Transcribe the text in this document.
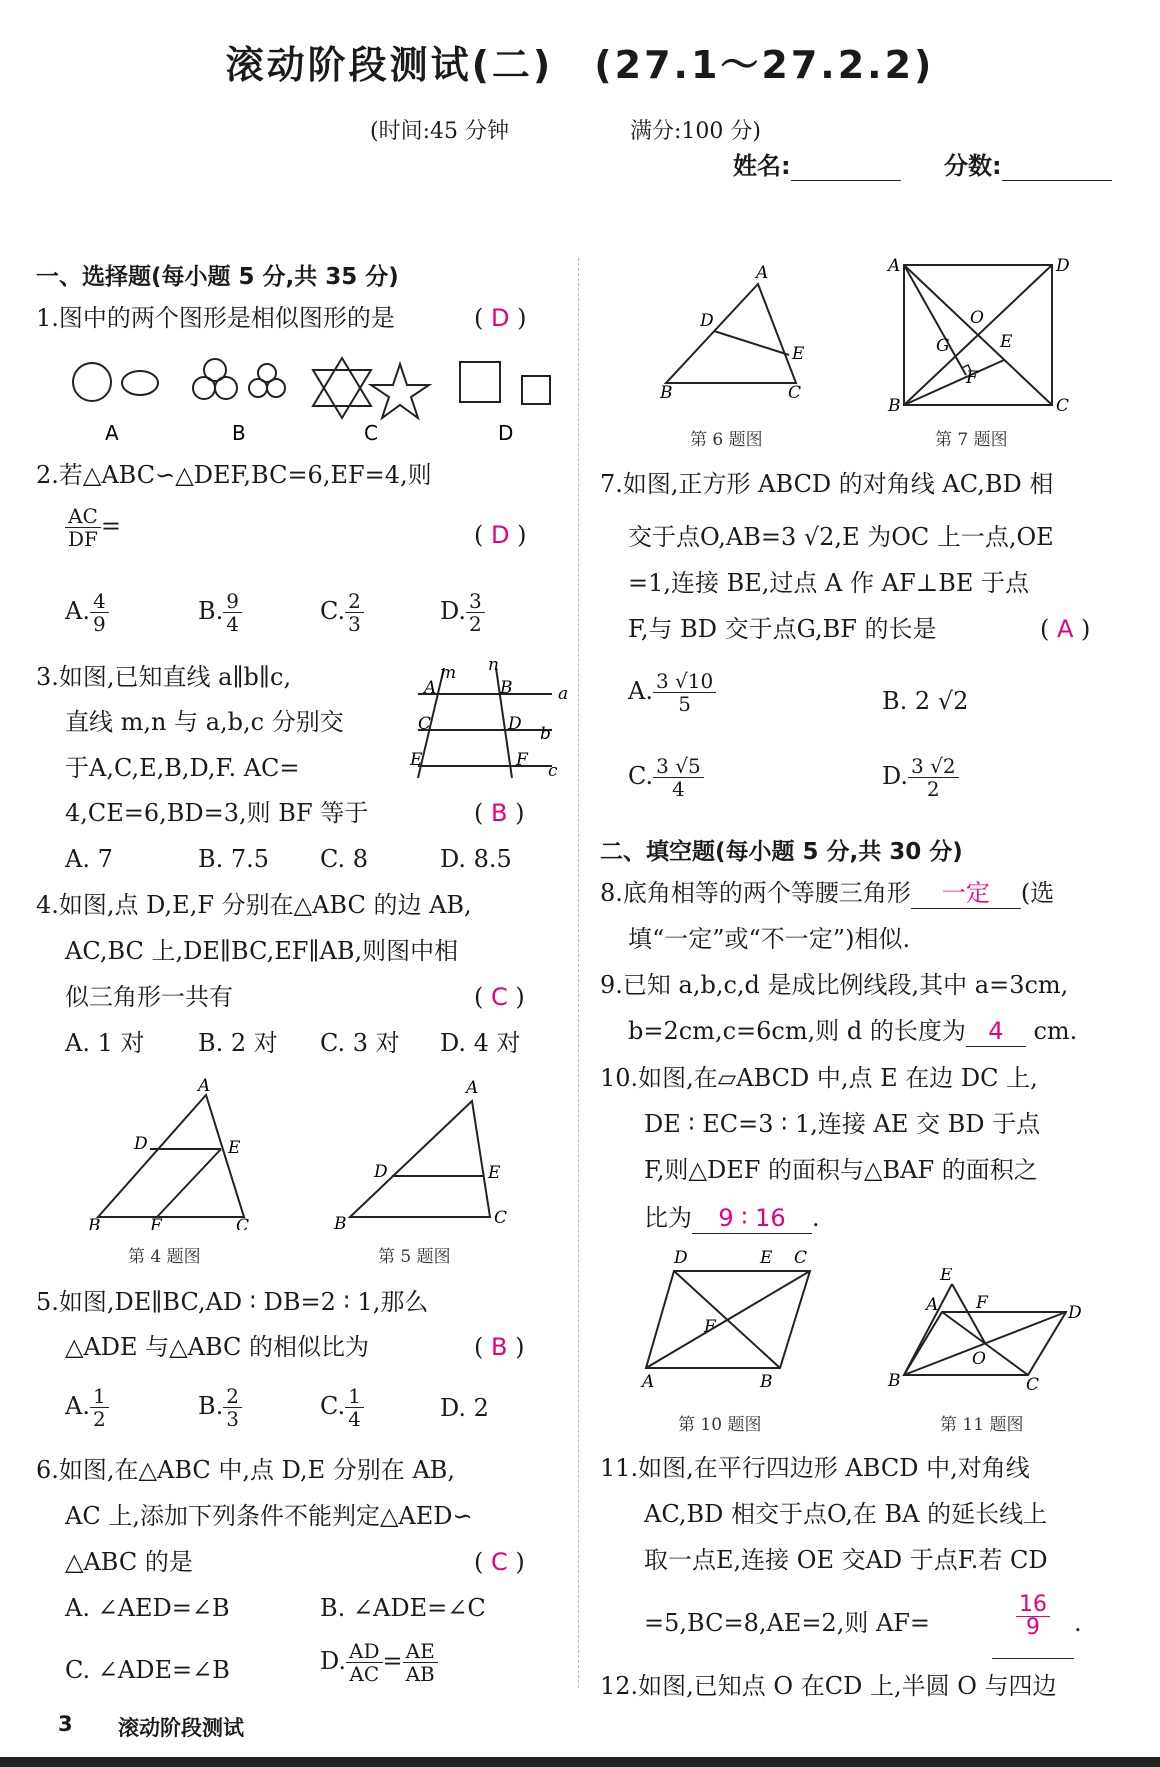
滚动阶段测试(二)　(27.1～27.2.2)
(时间:45 分钟	满分:100 分)
姓名:	分数:
一、选择题(每小题 5 分,共 35 分)
1.图中的两个图形是相似图形的是	( D )
A	B	C	D
2.若△ABC∽△DEF,BC=6,EF=4,则
$\frac{AC}{DF}$ =	( D )
A. $\frac{4}{9}$	B. $\frac{9}{4}$	C. $\frac{2}{3}$	D. $\frac{3}{2}$
3.如图,已知直线 a∥b∥c,
直线 m,n 与 a,b,c 分别交
于A,C,E,B,D,F. AC=
4,CE=6,BD=3,则 BF 等于	( B )
m n
A	B	a
C	D b
E	F
c
A. 7	B. 7.5 C. 8	D. 8.5
4.如图,点 D,E,F 分别在△ABC 的边 AB,
AC,BC 上,DE∥BC,EF∥AB,则图中相
似三角形一共有	( C )
A. 1 对 B. 2 对 C. 3 对 D. 4 对
A
D	E
B	F	C
第 4 题图
A
D	E
B	C
第 5 题图
5.如图,DE∥BC,AD ∶ DB=2 ∶ 1,那么
△ADE 与△ABC 的相似比为	( B )
A. $\frac{1}{2}$	B. $\frac{2}{3}$	C. $\frac{1}{4}$	D. 2
6.如图,在△ABC 中,点 D,E 分别在 AB,
AC 上,添加下列条件不能判定△AED∽
△ABC 的是	( C )
A. ∠AED=∠B	B. ∠ADE=∠C
C. ∠ADE=∠B	D. $\frac{AD}{AC} = \frac{AE}{AB}$
A
D
E
B	C
第 6 题图
A	D
O
G	E
F
B	C
第 7 题图
7.如图,正方形 ABCD 的对角线 AC,BD 相
交于点O,AB=3 √2,E 为OC 上一点,OE
=1,连接 BE,过点 A 作 AF⊥BE 于点
F,与 BD 交于点G,BF 的长是	( A )
A. $\frac{3 √10}{5}$	B. 2 √2
C. $\frac{3 √5}{4}$	D. $\frac{3 √2}{2}$
二、填空题(每小题 5 分,共 30 分)
8.底角相等的两个等腰三角形 一定 (选
填“一定”或“不一定”)相似.
9.已知 a,b,c,d 是成比例线段,其中 a=3cm,
b=2cm,c=6cm,则 d 的长度为 4 cm.
10.如图,在▱ABCD 中,点 E 在边 DC 上,
DE ∶ EC=3 ∶ 1,连接 AE 交 BD 于点
F,则△DEF 的面积与△BAF 的面积之
比为 9 ∶ 16 .
D	E C
F
A	B
第 10 题图
E
A F	D
O
B	C
第 11 题图
11.如图,在平行四边形 ABCD 中,对角线
AC,BD 相交于点O,在 BA 的延长线上
取一点E,连接 OE 交AD 于点F.若 CD
=5,BC=8,AE=2,则 AF=	$\frac{16}{9}$ .
12.如图,已知点 O 在CD 上,半圆 O 与四边
3 滚动阶段测试
